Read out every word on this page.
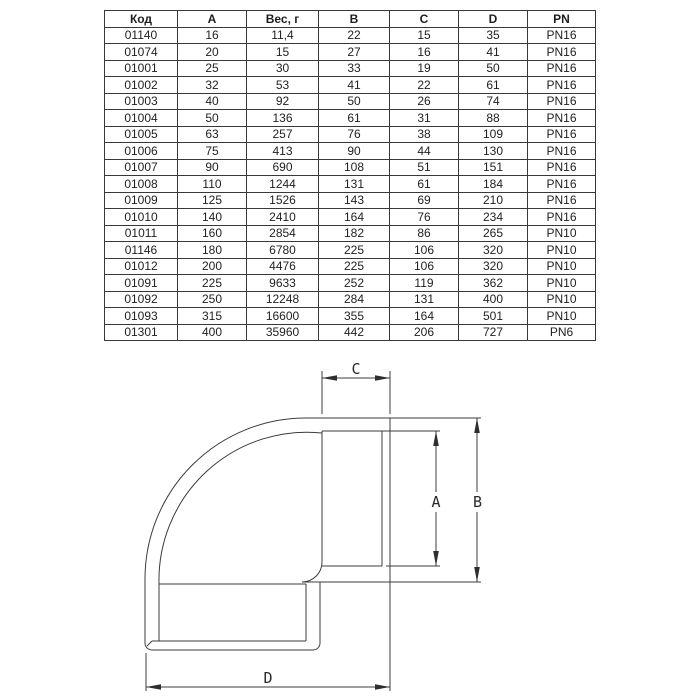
Код	A	Вес, г	B	C	D	PN
01140	16	11,4	22	15	35	PN16
01074	20	15	27	16	41	PN16
01001	25	30	33	19	50	PN16
01002	32	53	41	22	61	PN16
01003	40	92	50	26	74	PN16
01004	50	136	61	31	88	PN16
01005	63	257	76	38	109	PN16
01006	75	413	90	44	130	PN16
01007	90	690	108	51	151	PN16
01008	110	1244	131	61	184	PN16
01009	125	1526	143	69	210	PN16
01010	140	2410	164	76	234	PN16
01011	160	2854	182	86	265	PN10
01146	180	6780	225	106	320	PN10
01012	200	4476	225	106	320	PN10
01091	225	9633	252	119	362	PN10
01092	250	12248	284	131	400	PN10
01093	315	16600	355	164	501	PN10
01301	400	35960	442	206	727	PN6
C
A B
D
